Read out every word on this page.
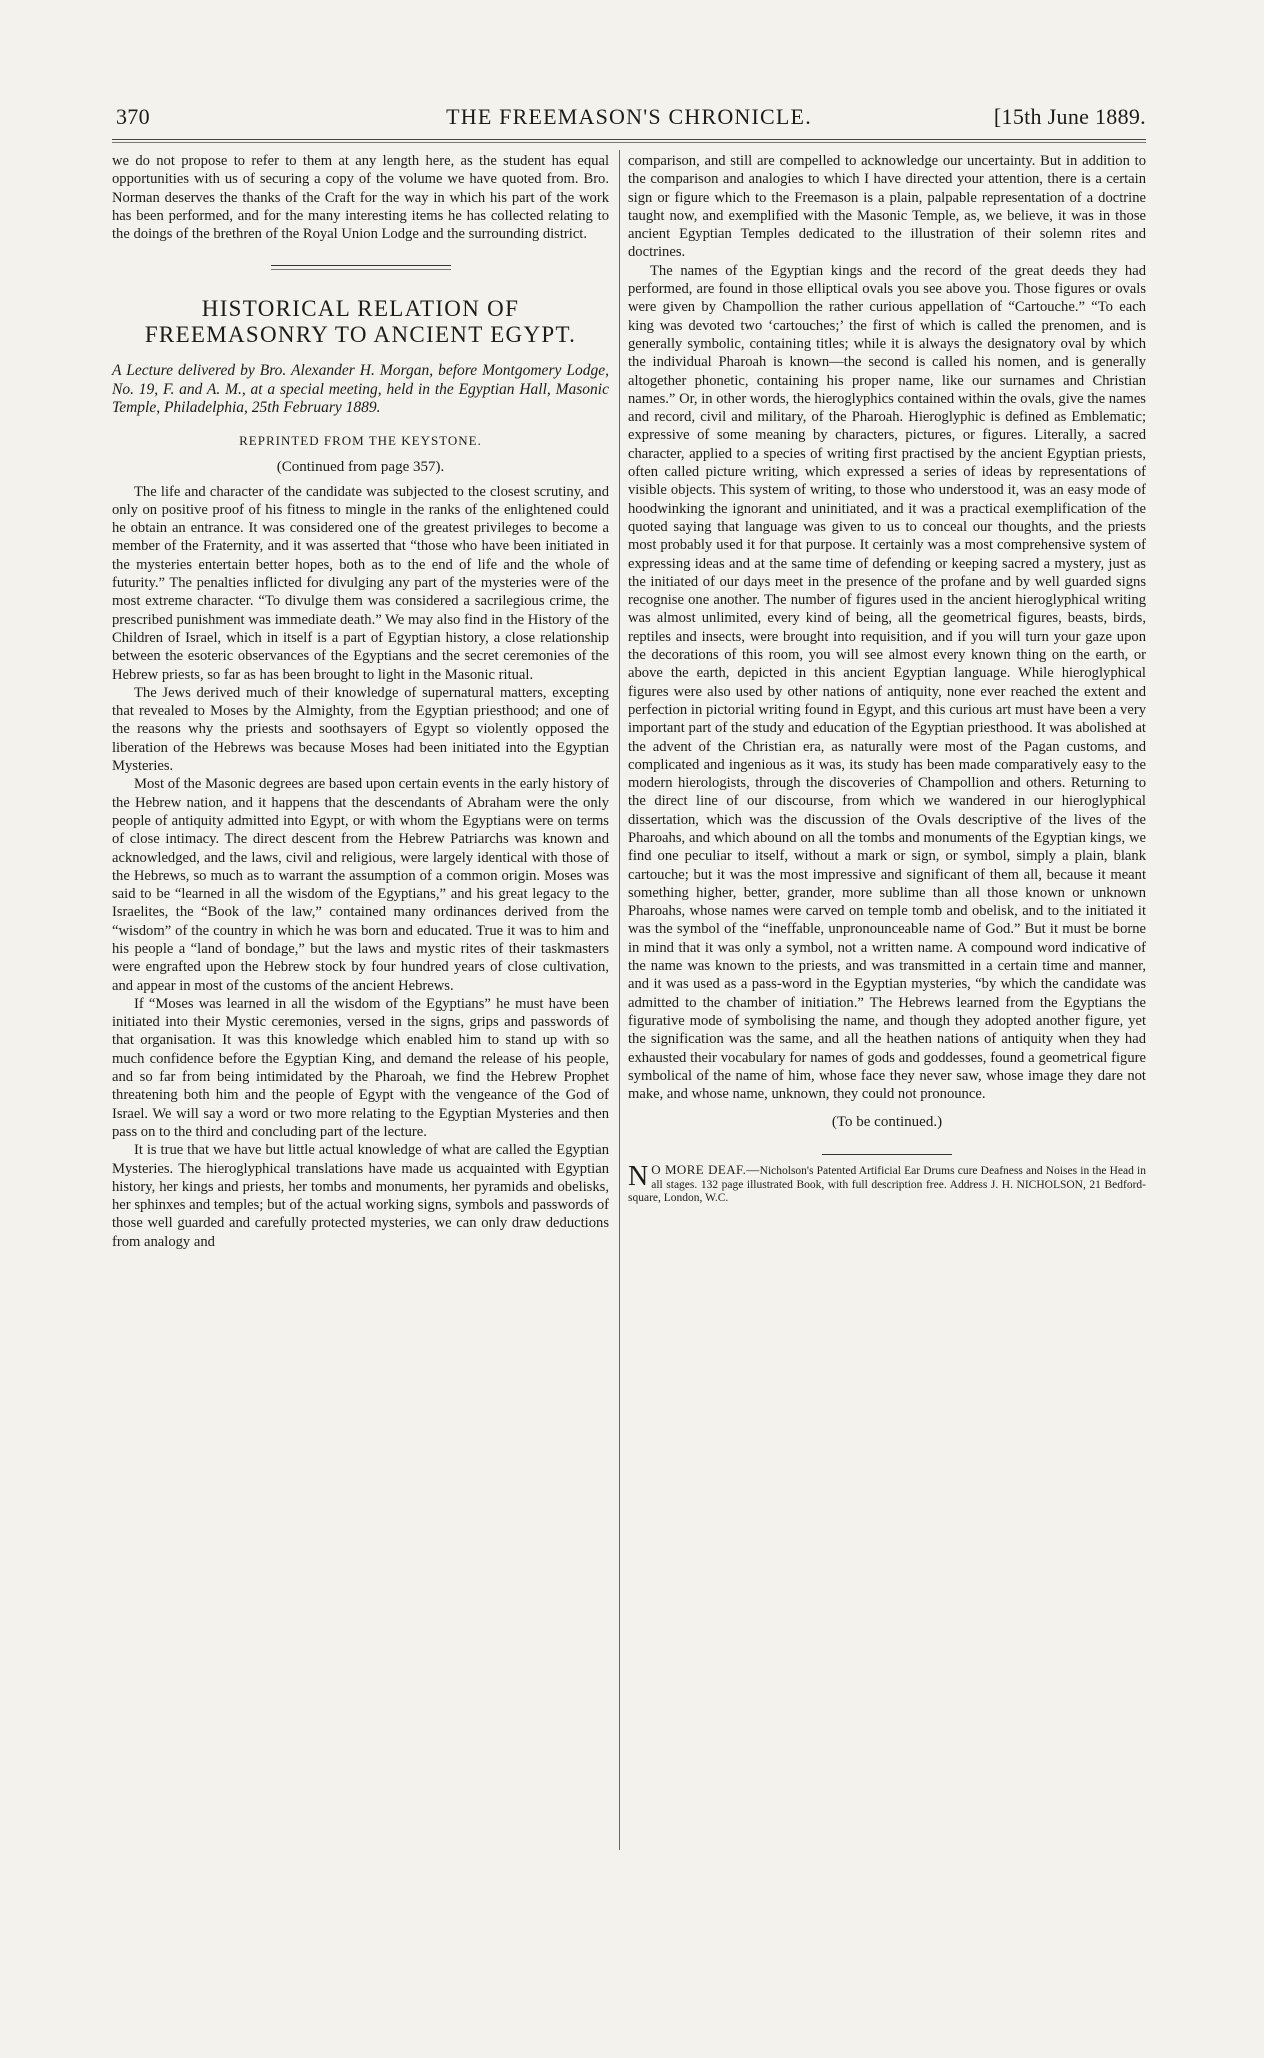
370	THE FREEMASON'S CHRONICLE.	[15th June 1889.

we do not propose to refer to them at any length here, as the student has equal opportunities with us of securing a copy of the volume we have quoted from. Bro. Norman deserves the thanks of the Craft for the way in which his part of the work has been performed, and for the many interesting items he has collected relating to the doings of the brethren of the Royal Union Lodge and the surrounding district.

HISTORICAL RELATION OF FREEMASONRY TO ANCIENT EGYPT.
A Lecture delivered by Bro. Alexander H. Morgan, before Montgomery Lodge, No. 19, F. and A. M., at a special meeting, held in the Egyptian Hall, Masonic Temple, Philadelphia, 25th February 1889.
REPRINTED FROM THE KEYSTONE.
(Continued from page 357).

The life and character of the candidate was subjected to the closest scrutiny, and only on positive proof of his fitness to mingle in the ranks of the enlightened could he obtain an entrance. It was considered one of the greatest privileges to become a member of the Fraternity, and it was asserted that “those who have been initiated in the mysteries entertain better hopes, both as to the end of life and the whole of futurity.” The penalties inflicted for divulging any part of the mysteries were of the most extreme character. “To divulge them was considered a sacrilegious crime, the prescribed punishment was immediate death.” We may also find in the History of the Children of Israel, which in itself is a part of Egyptian history, a close relationship between the esoteric observances of the Egyptians and the secret ceremonies of the Hebrew priests, so far as has been brought to light in the Masonic ritual.

The Jews derived much of their knowledge of supernatural matters, excepting that revealed to Moses by the Almighty, from the Egyptian priesthood; and one of the reasons why the priests and soothsayers of Egypt so violently opposed the liberation of the Hebrews was because Moses had been initiated into the Egyptian Mysteries.

Most of the Masonic degrees are based upon certain events in the early history of the Hebrew nation, and it happens that the descendants of Abraham were the only people of antiquity admitted into Egypt, or with whom the Egyptians were on terms of close intimacy. The direct descent from the Hebrew Patriarchs was known and acknowledged, and the laws, civil and religious, were largely identical with those of the Hebrews, so much as to warrant the assumption of a common origin. Moses was said to be “learned in all the wisdom of the Egyptians,” and his great legacy to the Israelites, the “Book of the law,” contained many ordinances derived from the “wisdom” of the country in which he was born and educated. True it was to him and his people a “land of bondage,” but the laws and mystic rites of their taskmasters were engrafted upon the Hebrew stock by four hundred years of close cultivation, and appear in most of the customs of the ancient Hebrews.

If “Moses was learned in all the wisdom of the Egyptians” he must have been initiated into their Mystic ceremonies, versed in the signs, grips and passwords of that organisation. It was this knowledge which enabled him to stand up with so much confidence before the Egyptian King, and demand the release of his people, and so far from being intimidated by the Pharoah, we find the Hebrew Prophet threatening both him and the people of Egypt with the vengeance of the God of Israel. We will say a word or two more relating to the Egyptian Mysteries and then pass on to the third and concluding part of the lecture.

It is true that we have but little actual knowledge of what are called the Egyptian Mysteries. The hieroglyphical translations have made us acquainted with Egyptian history, her kings and priests, her tombs and monuments, her pyramids and obelisks, her sphinxes and temples; but of the actual working signs, symbols and passwords of those well guarded and carefully protected mysteries, we can only draw deductions from analogy and

comparison, and still are compelled to acknowledge our uncertainty. But in addition to the comparison and analogies to which I have directed your attention, there is a certain sign or figure which to the Freemason is a plain, palpable representation of a doctrine taught now, and exemplified with the Masonic Temple, as, we believe, it was in those ancient Egyptian Temples dedicated to the illustration of their solemn rites and doctrines.

The names of the Egyptian kings and the record of the great deeds they had performed, are found in those elliptical ovals you see above you. Those figures or ovals were given by Champollion the rather curious appellation of “Cartouche.” “To each king was devoted two ‘cartouches;’ the first of which is called the prenomen, and is generally symbolic, containing titles; while it is always the designatory oval by which the individual Pharoah is known—the second is called his nomen, and is generally altogether phonetic, containing his proper name, like our surnames and Christian names.” Or, in other words, the hieroglyphics contained within the ovals, give the names and record, civil and military, of the Pharoah. Hieroglyphic is defined as Emblematic; expressive of some meaning by characters, pictures, or figures. Literally, a sacred character, applied to a species of writing first practised by the ancient Egyptian priests, often called picture writing, which expressed a series of ideas by representations of visible objects. This system of writing, to those who understood it, was an easy mode of hoodwinking the ignorant and uninitiated, and it was a practical exemplification of the quoted saying that language was given to us to conceal our thoughts, and the priests most probably used it for that purpose. It certainly was a most comprehensive system of expressing ideas and at the same time of defending or keeping sacred a mystery, just as the initiated of our days meet in the presence of the profane and by well guarded signs recognise one another. The number of figures used in the ancient hieroglyphical writing was almost unlimited, every kind of being, all the geometrical figures, beasts, birds, reptiles and insects, were brought into requisition, and if you will turn your gaze upon the decorations of this room, you will see almost every known thing on the earth, or above the earth, depicted in this ancient Egyptian language. While hieroglyphical figures were also used by other nations of antiquity, none ever reached the extent and perfection in pictorial writing found in Egypt, and this curious art must have been a very important part of the study and education of the Egyptian priesthood. It was abolished at the advent of the Christian era, as naturally were most of the Pagan customs, and complicated and ingenious as it was, its study has been made comparatively easy to the modern hierologists, through the discoveries of Champollion and others. Returning to the direct line of our discourse, from which we wandered in our hieroglyphical dissertation, which was the discussion of the Ovals descriptive of the lives of the Pharoahs, and which abound on all the tombs and monuments of the Egyptian kings, we find one peculiar to itself, without a mark or sign, or symbol, simply a plain, blank cartouche; but it was the most impressive and significant of them all, because it meant something higher, better, grander, more sublime than all those known or unknown Pharoahs, whose names were carved on temple tomb and obelisk, and to the initiated it was the symbol of the “ineffable, unpronounceable name of God.” But it must be borne in mind that it was only a symbol, not a written name. A compound word indicative of the name was known to the priests, and was transmitted in a certain time and manner, and it was used as a pass-word in the Egyptian mysteries, “by which the candidate was admitted to the chamber of initiation.” The Hebrews learned from the Egyptians the figurative mode of symbolising the name, and though they adopted another figure, yet the signification was the same, and all the heathen nations of antiquity when they had exhausted their vocabulary for names of gods and goddesses, found a geometrical figure symbolical of the name of him, whose face they never saw, whose image they dare not make, and whose name, unknown, they could not pronounce.

(To be continued.)
N O MORE DEAF.—Nicholson's Patented Artificial Ear Drums cure Deafness and Noises in the Head in all stages. 132 page illustrated Book, with full description free. Address J. H. NICHOLSON, 21 Bedford-square, London, W.C.
